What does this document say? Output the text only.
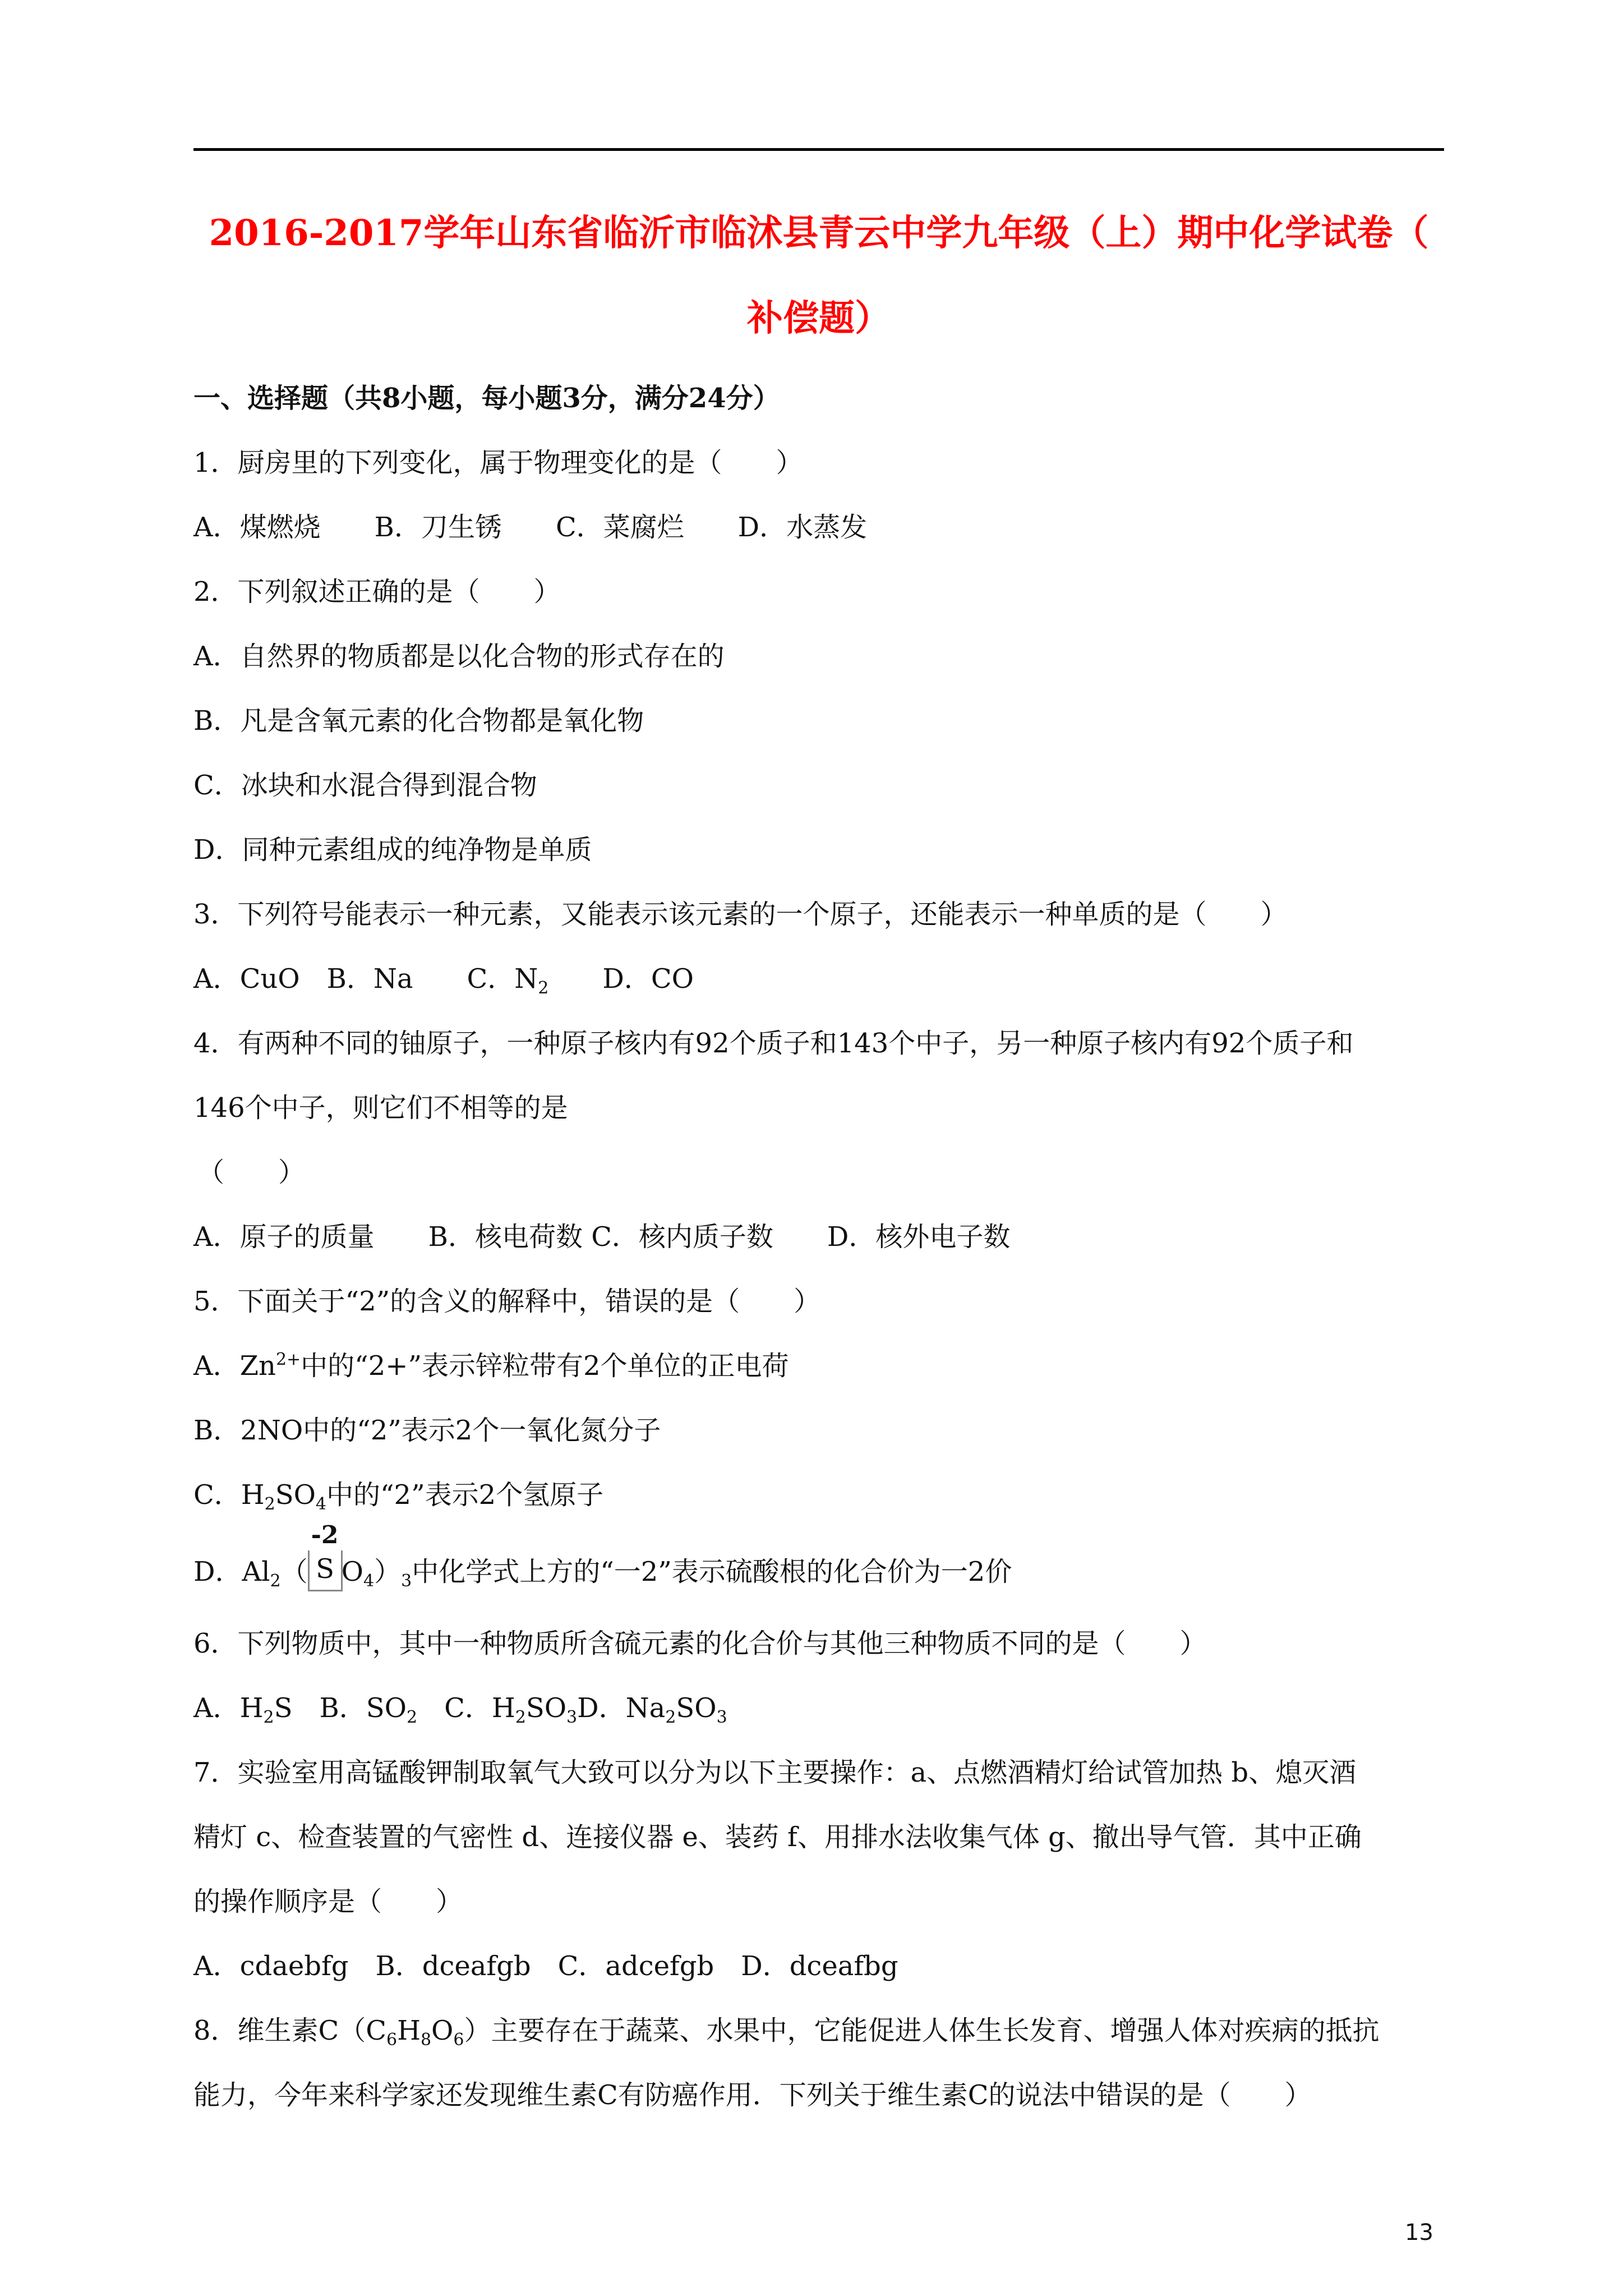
2016-2017学年山东省临沂市临沭县青云中学九年级（上）期中化学试卷（
补偿题）
一、选择题（共8小题，每小题3分，满分24分）
1．厨房里的下列变化，属于物理变化的是（　　）
A．煤燃烧　　B．刀生锈　　C．菜腐烂　　D．水蒸发
2．下列叙述正确的是（　　）
A．自然界的物质都是以化合物的形式存在的
B．凡是含氧元素的化合物都是氧化物
C．冰块和水混合得到混合物
D．同种元素组成的纯净物是单质
3．下列符号能表示一种元素，又能表示该元素的一个原子，还能表示一种单质的是（　　）
A．CuO　B．Na　　C．$N_2$　　D．CO
4．有两种不同的铀原子，一种原子核内有92个质子和143个中子，另一种原子核内有92个质子和
146个中子，则它们不相等的是
（　　）
A．原子的质量　　B．核电荷数 C．核内质子数　　D．核外电子数
5．下面关于“2”的含义的解释中，错误的是（　　）
A．$Zn^{2+}$中的“2+”表示锌粒带有2个单位的正电荷
B．2NO中的“2”表示2个一氧化氮分子
C．$H_2SO_4$中的“2”表示2个氢原子
D．$Al_2$（
-2
S $O_4)_3$中化学式上方的“一2”表示硫酸根的化合价为一2价
6．下列物质中，其中一种物质所含硫元素的化合价与其他三种物质不同的是（　　）
A．$H_2S$　B．$SO_2$　C．$H_2SO_3D$．$Na_2SO_3$
7．实验室用高锰酸钾制取氧气大致可以分为以下主要操作：a、点燃酒精灯给试管加热 b、熄灭酒
精灯 c、检查装置的气密性 d、连接仪器 e、装药 f、用排水法收集气体 g、撤出导气管．其中正确
的操作顺序是（　　）
A．cdaebfg　B．dceafgb　C．adcefgb　D．dceafbg
8．维生素$C(C_6H_8O_6)$主要存在于蔬菜、水果中，它能促进人体生长发育、增强人体对疾病的抵抗
能力，今年来科学家还发现维生素C有防癌作用．下列关于维生素C的说法中错误的是（　　）
13
